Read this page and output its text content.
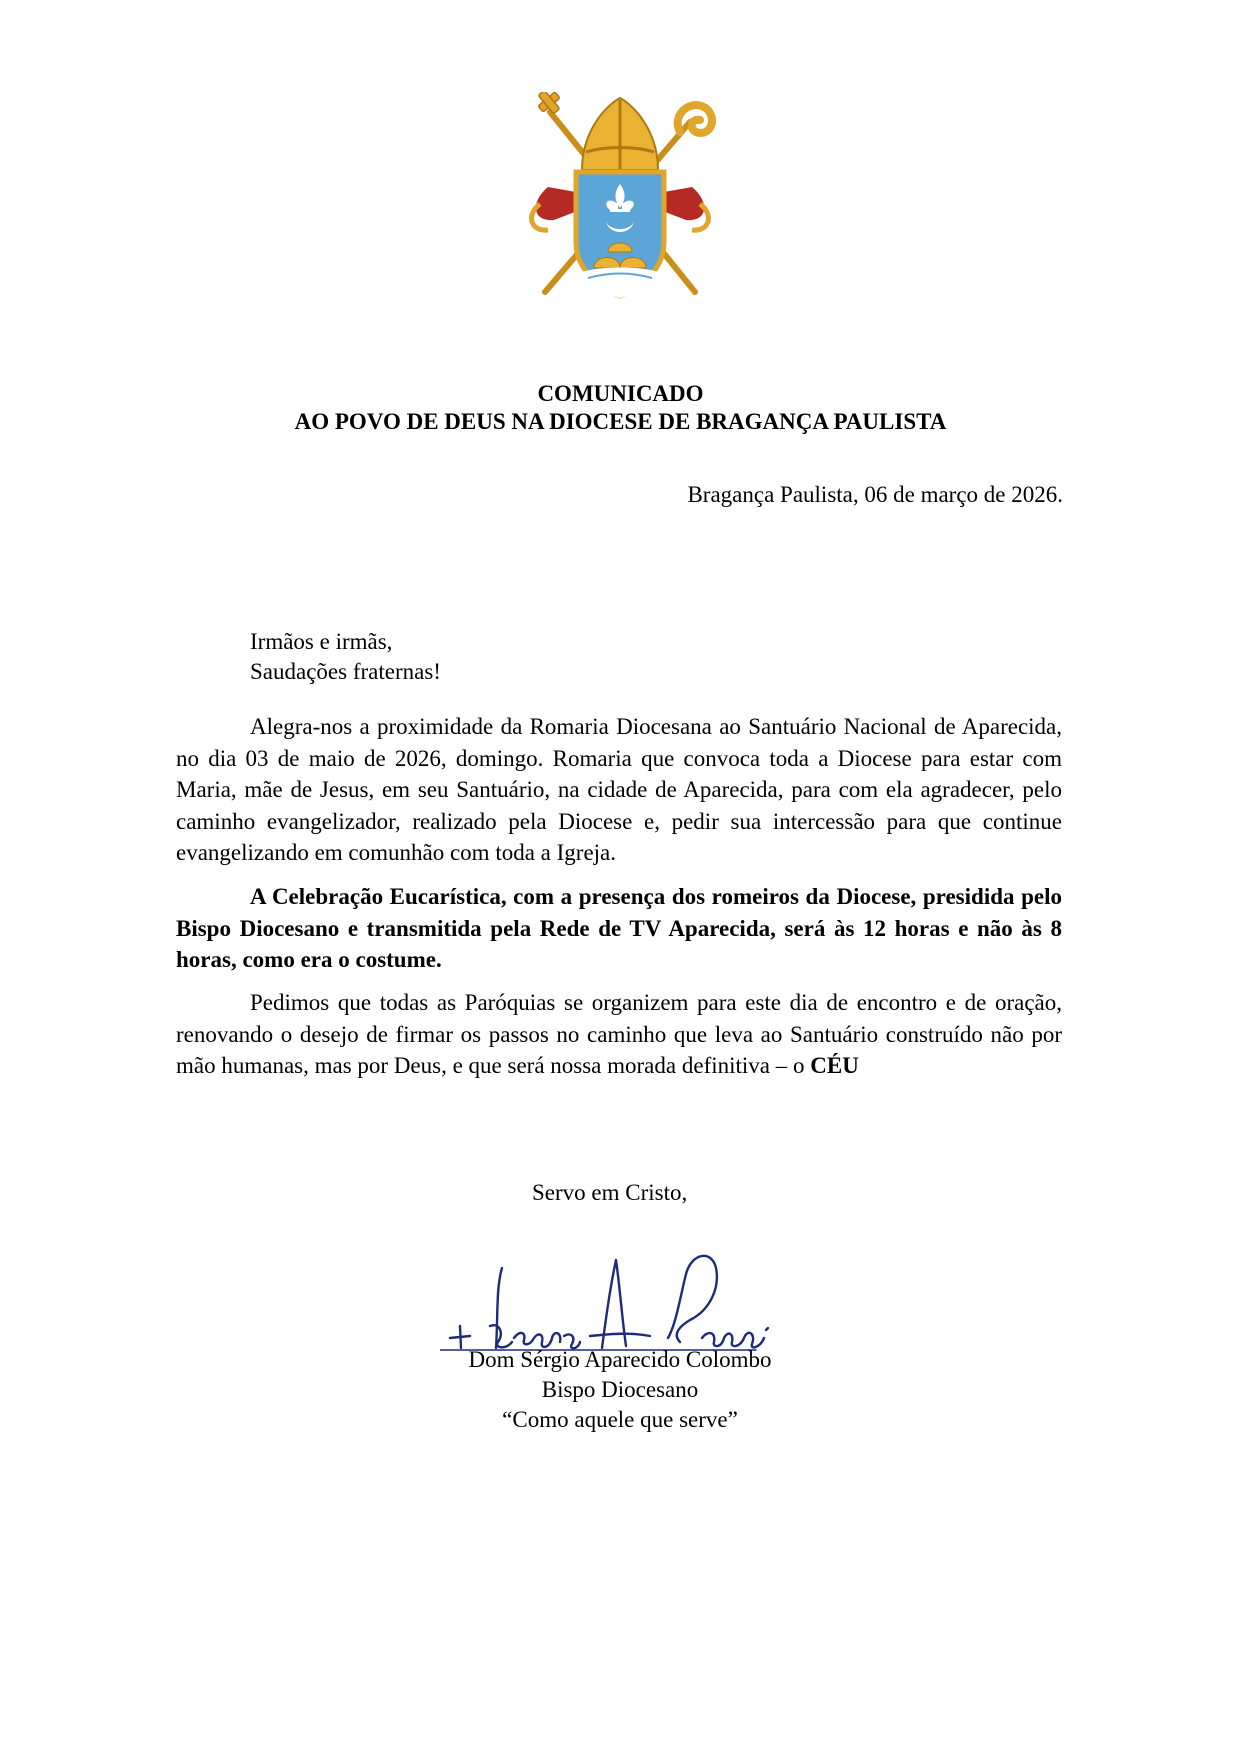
COMUNICADO
AO POVO DE DEUS NA DIOCESE DE BRAGANÇA PAULISTA
Bragança Paulista, 06 de março de 2026.
Irmãos e irmãs,
Saudações fraternas!

Alegra-nos a proximidade da Romaria Diocesana ao Santuário Nacional de Aparecida, no dia 03 de maio de 2026, domingo. Romaria que convoca toda a Diocese para estar com Maria, mãe de Jesus, em seu Santuário, na cidade de Aparecida, para com ela agradecer, pelo caminho evangelizador, realizado pela Diocese e, pedir sua intercessão para que continue evangelizando em comunhão com toda a Igreja.

A Celebração Eucarística, com a presença dos romeiros da Diocese, presidida pelo Bispo Diocesano e transmitida pela Rede de TV Aparecida, será às 12 horas e não às 8 horas, como era o costume.

Pedimos que todas as Paróquias se organizem para este dia de encontro e de oração, renovando o desejo de firmar os passos no caminho que leva ao Santuário construído não por mão humanas, mas por Deus, e que será nossa morada definitiva – o CÉU

Servo em Cristo,
Dom Sérgio Aparecido Colombo
Bispo Diocesano
“Como aquele que serve”
